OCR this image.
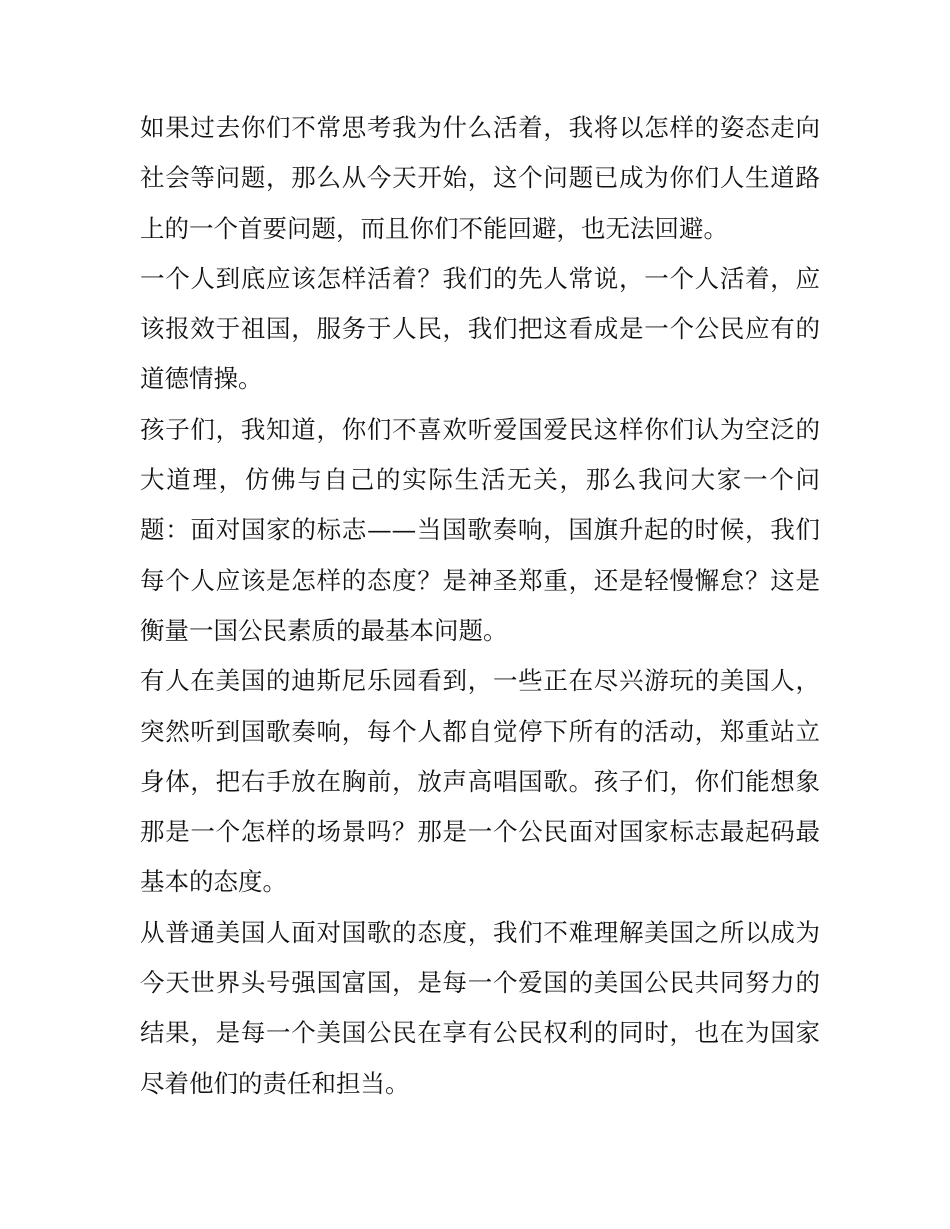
如果过去你们不常思考我为什么活着，我将以怎样的姿态走向社会等问题，那么从今天开始，这个问题已成为你们人生道路上的一个首要问题，而且你们不能回避，也无法回避。

一个人到底应该怎样活着？我们的先人常说，一个人活着，应该报效于祖国，服务于人民，我们把这看成是一个公民应有的道德情操。

孩子们，我知道，你们不喜欢听爱国爱民这样你们认为空泛的大道理，仿佛与自己的实际生活无关，那么我问大家一个问题：面对国家的标志——当国歌奏响，国旗升起的时候，我们每个人应该是怎样的态度？是神圣郑重，还是轻慢懈怠？这是衡量一国公民素质的最基本问题。

有人在美国的迪斯尼乐园看到，一些正在尽兴游玩的美国人，突然听到国歌奏响，每个人都自觉停下所有的活动，郑重站立身体，把右手放在胸前，放声高唱国歌。孩子们，你们能想象那是一个怎样的场景吗？那是一个公民面对国家标志最起码最基本的态度。

从普通美国人面对国歌的态度，我们不难理解美国之所以成为今天世界头号强国富国，是每一个爱国的美国公民共同努力的结果，是每一个美国公民在享有公民权利的同时，也在为国家尽着他们的责任和担当。
